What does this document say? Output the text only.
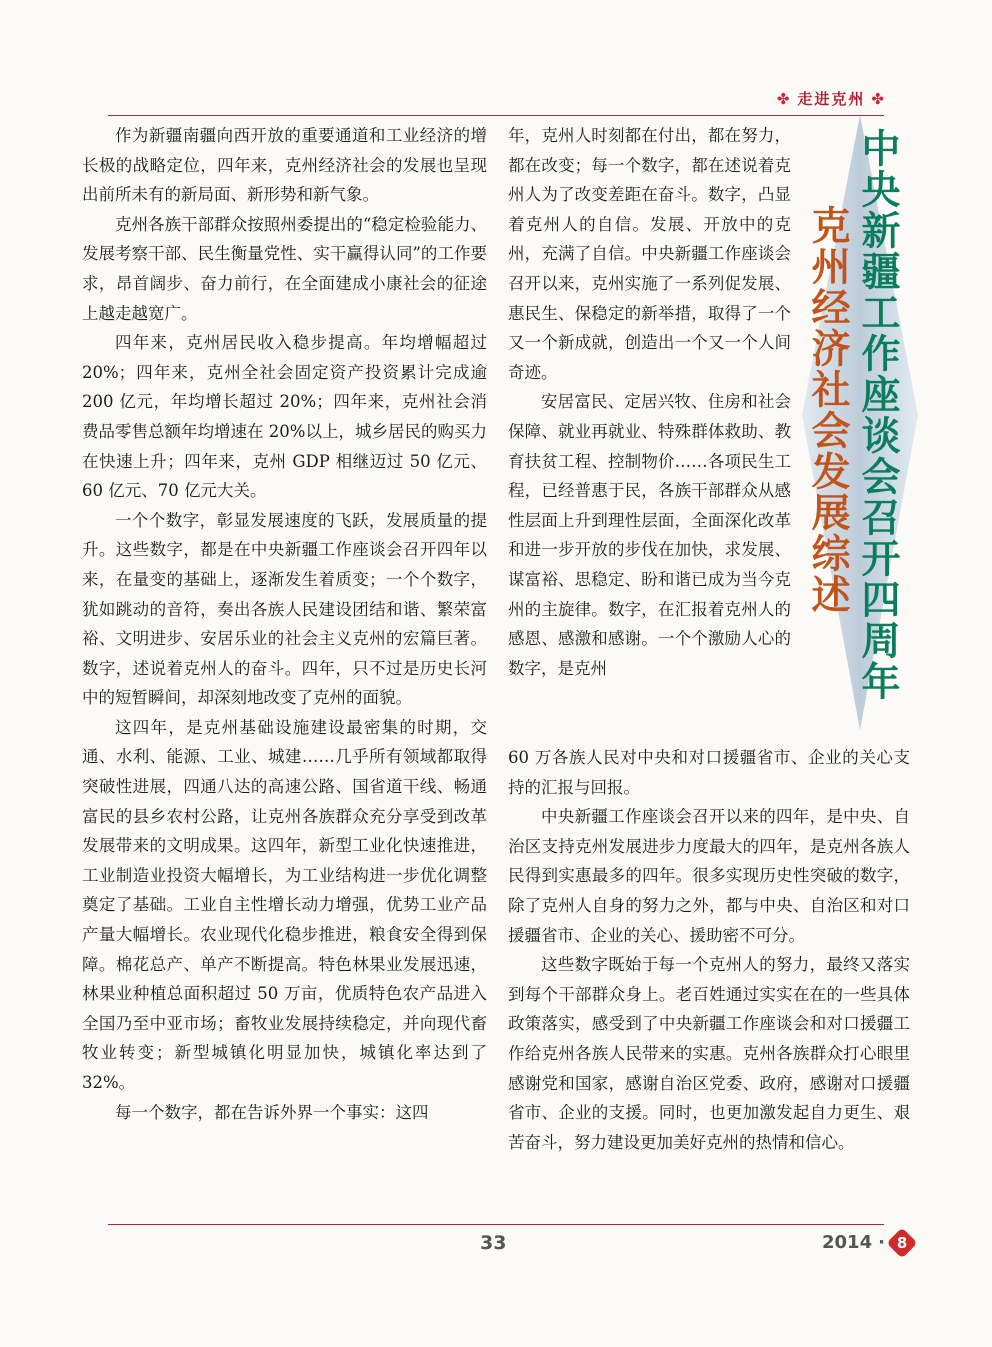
✤ 走进克州 ✤

作为新疆南疆向西开放的重要通道和工业经济的增长极的战略定位，四年来，克州经济社会的发展也呈现出前所未有的新局面、新形势和新气象。

克州各族干部群众按照州委提出的“稳定检验能力、发展考察干部、民生衡量党性、实干赢得认同”的工作要求，昂首阔步、奋力前行，在全面建成小康社会的征途上越走越宽广。

四年来，克州居民收入稳步提高。年均增幅超过 20%；四年来，克州全社会固定资产投资累计完成逾 200 亿元，年均增长超过 20%；四年来，克州社会消费品零售总额年均增速在 20%以上，城乡居民的购买力在快速上升；四年来，克州 GDP 相继迈过 50 亿元、60 亿元、70 亿元大关。

一个个数字，彰显发展速度的飞跃，发展质量的提升。这些数字，都是在中央新疆工作座谈会召开四年以来，在量变的基础上，逐渐发生着质变；一个个数字，犹如跳动的音符，奏出各族人民建设团结和谐、繁荣富裕、文明进步、安居乐业的社会主义克州的宏篇巨著。数字，述说着克州人的奋斗。四年，只不过是历史长河中的短暂瞬间，却深刻地改变了克州的面貌。

这四年，是克州基础设施建设最密集的时期，交通、水利、能源、工业、城建……几乎所有领域都取得突破性进展，四通八达的高速公路、国省道干线、畅通富民的县乡农村公路，让克州各族群众充分享受到改革发展带来的文明成果。这四年，新型工业化快速推进，工业制造业投资大幅增长，为工业结构进一步优化调整奠定了基础。工业自主性增长动力增强，优势工业产品产量大幅增长。农业现代化稳步推进，粮食安全得到保障。棉花总产、单产不断提高。特色林果业发展迅速，林果业种植总面积超过 50 万亩，优质特色农产品进入全国乃至中亚市场；畜牧业发展持续稳定，并向现代畜牧业转变；新型城镇化明显加快，城镇化率达到了 32%。

每一个数字，都在告诉外界一个事实：这四

年，克州人时刻都在付出，都在努力，都在改变；每一个数字，都在述说着克州人为了改变差距在奋斗。数字，凸显着克州人的自信。发展、开放中的克州，充满了自信。中央新疆工作座谈会召开以来，克州实施了一系列促发展、惠民生、保稳定的新举措，取得了一个又一个新成就，创造出一个又一个人间奇迹。

安居富民、定居兴牧、住房和社会保障、就业再就业、特殊群体救助、教育扶贫工程、控制物价……各项民生工程，已经普惠于民，各族干部群众从感性层面上升到理性层面，全面深化改革和进一步开放的步伐在加快，求发展、谋富裕、思稳定、盼和谐已成为当今克州的主旋律。数字，在汇报着克州人的感恩、感激和感谢。一个个激励人心的数字，是克州

60 万各族人民对中央和对口援疆省市、企业的关心支持的汇报与回报。

中央新疆工作座谈会召开以来的四年，是中央、自治区支持克州发展进步力度最大的四年，是克州各族人民得到实惠最多的四年。很多实现历史性突破的数字，除了克州人自身的努力之外，都与中央、自治区和对口援疆省市、企业的关心、援助密不可分。

这些数字既始于每一个克州人的努力，最终又落实到每个干部群众身上。老百姓通过实实在在的一些具体政策落实，感受到了中央新疆工作座谈会和对口援疆工作给克州各族人民带来的实惠。克州各族群众打心眼里感谢党和国家，感谢自治区党委、政府，感谢对口援疆省市、企业的支援。同时，也更加激发起自力更生、艰苦奋斗，努力建设更加美好克州的热情和信心。

中央新疆工作座谈会召开四周年
克州经济社会发展综述
33	2014 · 8
